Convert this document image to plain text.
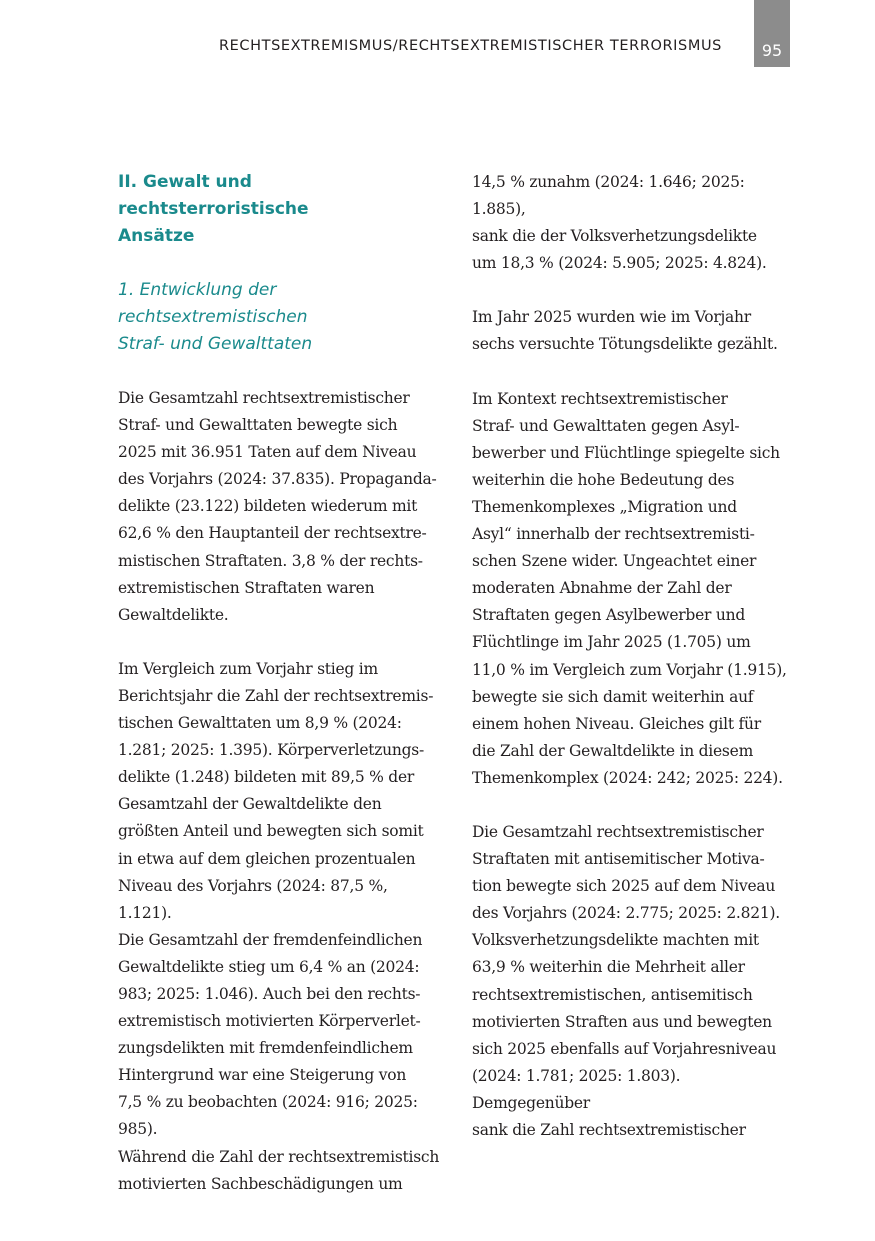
RECHTSEXTREMISMUS/RECHTSEXTREMISTISCHER TERRORISMUS 95
II. Gewalt und rechtsterroristische
Ansätze
1. Entwicklung der
rechtsextremistischen
Straf- und Gewalttaten

Die Gesamtzahl rechtsextremistischer
Straf- und Gewalttaten bewegte sich
2025 mit 36.951 Taten auf dem Niveau
des Vorjahrs (2024: 37.835). Propaganda-
delikte (23.122) bildeten wiederum mit
62,6 % den Hauptanteil der rechtsextre-
mistischen Straftaten. 3,8 % der rechts-
extremistischen Straftaten waren
Gewaltdelikte.

Im Vergleich zum Vorjahr stieg im
Berichtsjahr die Zahl der rechtsextremis-
tischen Gewalttaten um 8,9 % (2024:
1.281; 2025: 1.395). Körperverletzungs-
delikte (1.248) bildeten mit 89,5 % der
Gesamtzahl der Gewaltdelikte den
größten Anteil und bewegten sich somit
in etwa auf dem gleichen prozentualen
Niveau des Vorjahrs (2024: 87,5 %, 1.121).
Die Gesamtzahl der fremdenfeindlichen
Gewaltdelikte stieg um 6,4 % an (2024:
983; 2025: 1.046). Auch bei den rechts-
extremistisch motivierten Körperverlet-
zungsdelikten mit fremdenfeindlichem
Hintergrund war eine Steigerung von
7,5 % zu beobachten (2024: 916; 2025: 985).
Während die Zahl der rechtsextremistisch
motivierten Sachbeschädigungen um

14,5 % zunahm (2024: 1.646; 2025: 1.885),
sank die der Volksverhetzungsdelikte
um 18,3 % (2024: 5.905; 2025: 4.824).

Im Jahr 2025 wurden wie im Vorjahr
sechs versuchte Tötungsdelikte gezählt.

Im Kontext rechtsextremistischer
Straf- und Gewalttaten gegen Asyl-
bewerber und Flüchtlinge spiegelte sich
weiterhin die hohe Bedeutung des
Themenkomplexes „Migration und
Asyl“ innerhalb der rechtsextremisti-
schen Szene wider. Ungeachtet einer
moderaten Abnahme der Zahl der
Straftaten gegen Asylbewerber und
Flüchtlinge im Jahr 2025 (1.705) um
11,0 % im Vergleich zum Vorjahr (1.915),
bewegte sie sich damit weiterhin auf
einem hohen Niveau. Gleiches gilt für
die Zahl der Gewaltdelikte in diesem
Themenkomplex (2024: 242; 2025: 224).

Die Gesamtzahl rechtsextremistischer
Straftaten mit antisemitischer Motiva-
tion bewegte sich 2025 auf dem Niveau
des Vorjahrs (2024: 2.775; 2025: 2.821).
Volksverhetzungsdelikte machten mit
63,9 % weiterhin die Mehrheit aller
rechtsextremistischen, antisemitisch
motivierten Straften aus und bewegten
sich 2025 ebenfalls auf Vorjahresniveau
(2024: 1.781; 2025: 1.803). Demgegenüber
sank die Zahl rechtsextremistischer
